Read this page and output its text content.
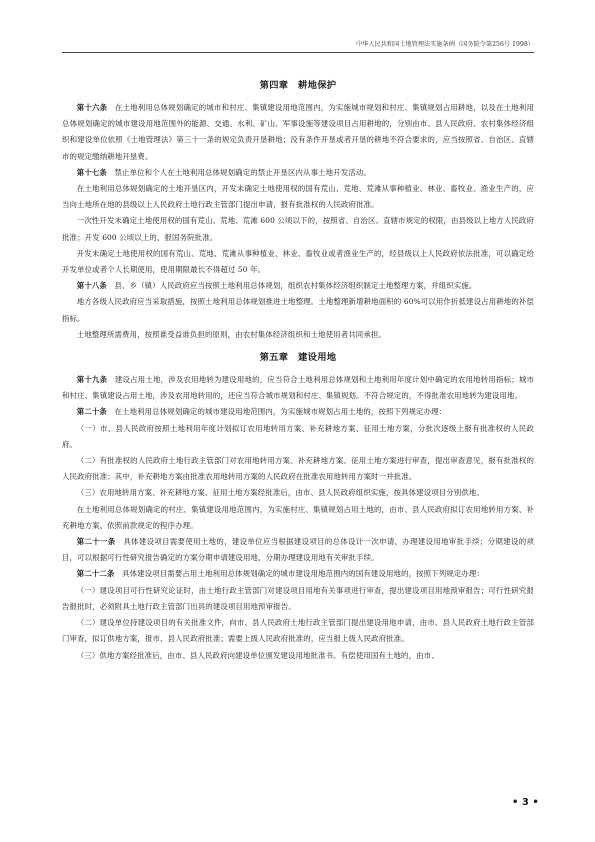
中华人民共和国土地管理法实施条例（国务院令第256号 1998）
第四章　耕地保护

第十六条　在土地利用总体规划确定的城市和村庄、集镇建设用地范围内，为实施城市规划和村庄、集镇规划占用耕地，以及在土地利用总体规划确定的城市建设用地范围外的能源、交通、水利、矿山、军事设施等建设项目占用耕地的，分别由市、县人民政府、农村集体经济组织和建设单位依照《土地管理法》第三十一条的规定负责开垦耕地；没有条件开垦或者开垦的耕地不符合要求的，应当按照省、自治区、直辖市的规定缴纳耕地开垦费。

第十七条　禁止单位和个人在土地利用总体规划确定的禁止开垦区内从事土地开发活动。

在土地利用总体规划确定的土地开垦区内，开发未确定土地使用权的国有荒山、荒地、荒滩从事种植业、林业、畜牧业、渔业生产的，应当向土地所在地的县级以上人民政府土地行政主管部门提出申请，报有批准权的人民政府批准。

一次性开发未确定土地使用权的国有荒山、荒地、荒滩 600 公顷以下的，按照省、自治区、直辖市规定的权限，由县级以上地方人民政府批准；开发 600 公顷以上的，报国务院批准。

开发未确定土地使用权的国有荒山、荒地、荒滩从事种植业、林业、畜牧业或者渔业生产的，经县级以上人民政府依法批准，可以确定给开发单位或者个人长期使用，使用期限最长不得超过 50 年。

第十八条　县、乡（镇）人民政府应当按照土地利用总体规划，组织农村集体经济组织制定土地整理方案，并组织实施。

地方各级人民政府应当采取措施，按照土地利用总体规划推进土地整理。土地整理新增耕地面积的 60%可以用作折抵建设占用耕地的补偿指标。

土地整理所需费用，按照谁受益谁负担的原则，由农村集体经济组织和土地使用者共同承担。

第五章　建设用地

第十九条　建设占用土地，涉及农用地转为建设用地的，应当符合土地利用总体规划和土地利用年度计划中确定的农用地转用指标；城市和村庄、集镇建设占用土地，涉及农用地转用的，还应当符合城市规划和村庄、集镇规划。不符合规定的，不得批准农用地转为建设用地。

第二十条　在土地利用总体规划确定的城市建设用地范围内，为实施城市规划占用土地的，按照下列规定办理：

（一）市、县人民政府按照土地利用年度计划拟订农用地转用方案、补充耕地方案、征用土地方案，分批次逐级上报有批准权的人民政府。

（二）有批准权的人民政府土地行政主管部门对农用地转用方案、补充耕地方案、征用土地方案进行审查，提出审查意见，报有批准权的人民政府批准；其中，补充耕地方案由批准农用地转用方案的人民政府在批准农用地转用方案时一并批准。

（三）农用地转用方案、补充耕地方案、征用土地方案经批准后，由市、县人民政府组织实施，按具体建设项目分别供地。

在土地利用总体规划确定的村庄、集镇建设用地范围内，为实施村庄、集镇规划占用土地的，由市、县人民政府拟订农用地转用方案、补充耕地方案，依照前款规定的程序办理。

第二十一条　具体建设项目需要使用土地的，建设单位应当根据建设项目的总体设计一次申请，办理建设用地审批手续；分期建设的项目，可以根据可行性研究报告确定的方案分期申请建设用地，分期办理建设用地有关审批手续。

第二十二条　具体建设项目需要占用土地利用总体规划确定的城市建设用地范围内的国有建设用地的，按照下列规定办理：

（一）建设项目可行性研究论证时，由土地行政主管部门对建设项目用地有关事项进行审查，提出建设项目用地预审报告；可行性研究报告报批时，必须附具土地行政主管部门出具的建设项目用地预审报告。

（二）建设单位持建设项目的有关批准文件，向市、县人民政府土地行政主管部门提出建设用地申请，由市、县人民政府土地行政主管部门审查，拟订供地方案，报市、县人民政府批准；需要上级人民政府批准的，应当报上级人民政府批准。

（三）供地方案经批准后，由市、县人民政府向建设单位颁发建设用地批准书。有偿使用国有土地的，由市、

• 3 •
